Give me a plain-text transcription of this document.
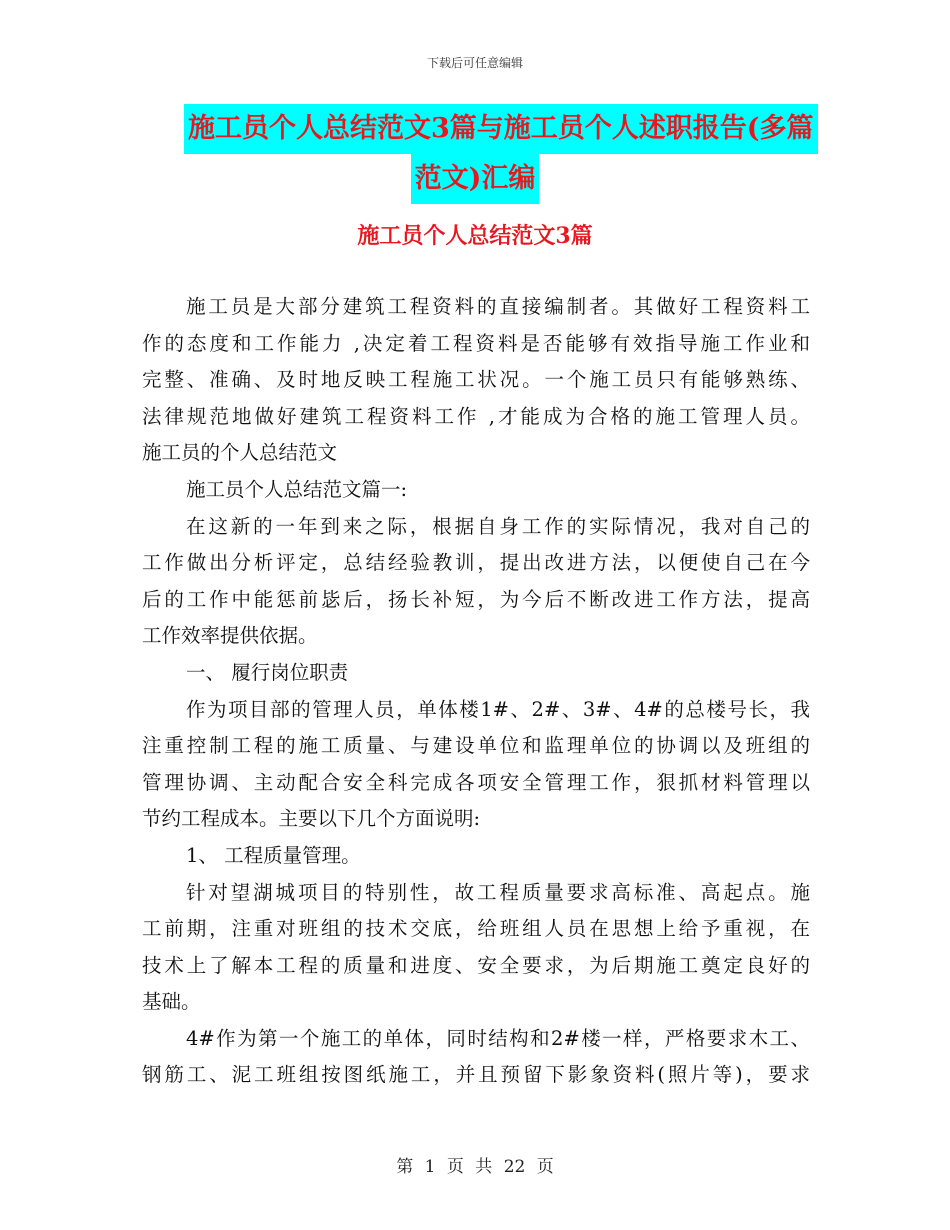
下载后可任意编辑
施工员个人总结范文3篇与施工员个人述职报告(多篇
范文)汇编
施工员个人总结范文3篇
施工员是大部分建筑工程资料的直接编制者。其做好工程资料工
作的态度和工作能力 ,决定着工程资料是否能够有效指导施工作业和
完整、准确、及时地反映工程施工状况。一个施工员只有能够熟练、
法律规范地做好建筑工程资料工作 ,才能成为合格的施工管理人员。
施工员的个人总结范文
施工员个人总结范文篇一:
在这新的一年到来之际，根据自身工作的实际情况，我对自己的
工作做出分析评定，总结经验教训，提出改进方法，以便使自己在今
后的工作中能惩前毖后，扬长补短，为今后不断改进工作方法，提高
工作效率提供依据。
一、 履行岗位职责
作为项目部的管理人员，单体楼1#、2#、3#、4#的总楼号长，我
注重控制工程的施工质量、与建设单位和监理单位的协调以及班组的
管理协调、主动配合安全科完成各项安全管理工作，狠抓材料管理以
节约工程成本。主要以下几个方面说明:
1、 工程质量管理。
针对望湖城项目的特别性，故工程质量要求高标准、高起点。施
工前期，注重对班组的技术交底，给班组人员在思想上给予重视，在
技术上了解本工程的质量和进度、安全要求，为后期施工奠定良好的
基础。
4#作为第一个施工的单体，同时结构和2#楼一样，严格要求木工、
钢筋工、泥工班组按图纸施工，并且预留下影象资料(照片等)，要求
第 1 页 共 22 页
